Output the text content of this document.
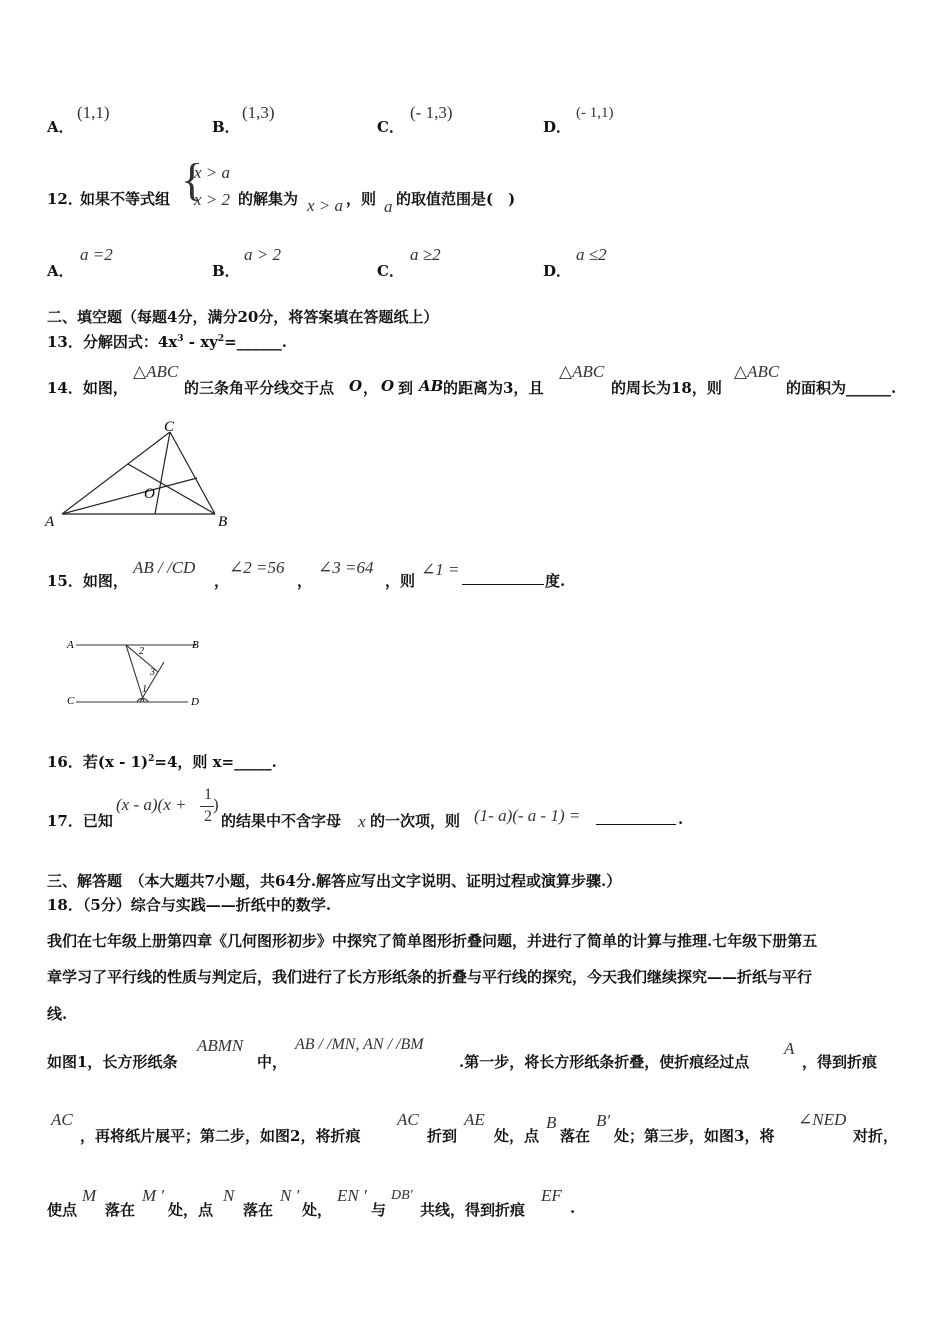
A．
(1,1)
B．
(1,3)
C．
(- 1,3)
D．
(- 1,1)
12．
如果不等式组 {
x > a
x > 2 的解集为 x > a ，则 a 的取值范围是(　)
A．
a =2
B．
a > 2
C．
a ≥2
D．
a ≤2
二、填空题（每题4分，满分20分，将答案填在答题纸上）
13．分解因式：$4x^3$ - $xy^2=\_\_\_\_\_\_$.
14．如图，
△ABC
的三条角平分线交于点 O ， O 到 AB 的距离为3，且
△ABC
的周长为18，则
△ABC
的面积为______.
A	B
C
O
15．如图，
AB / /CD
，
∠2 =56
，
∠3 =64
，则
∠1 =
度.
A	B
C	D
2
3
1
16．若(x - 1)$^2$=4，则 x=_____.
17．已知
(x - a)(x +
1
2
)
的结果中不含字母 x 的一次项，则 (1- a)(- a - 1) =	.
三、解答题　（本大题共7小题，共64分.解答应写出文字说明、证明过程或演算步骤.）
18．（5分）综合与实践——折纸中的数学.
我们在七年级上册第四章《几何图形初步》中探究了简单图形折叠问题，并进行了简单的计算与推理.七年级下册第五
章学习了平行线的性质与判定后，我们进行了长方形纸条的折叠与平行线的探究，今天我们继续探究——折纸与平行
线.
如图1，长方形纸条
ABMN
中，
AB / /MN, AN / /BM
.第一步，将长方形纸条折叠，使折痕经过点
A
，得到折痕
AC
，再将纸片展平；第二步，如图2，将折痕
AC
折到
AE
处，点
B
落在
B′
处；第三步，如图3，将
∠NED
对折，
使点
M
落在
M ′
处，点
N
落在
N ′
处，
EN ′
与
DB′
共线，得到折痕
EF
.
